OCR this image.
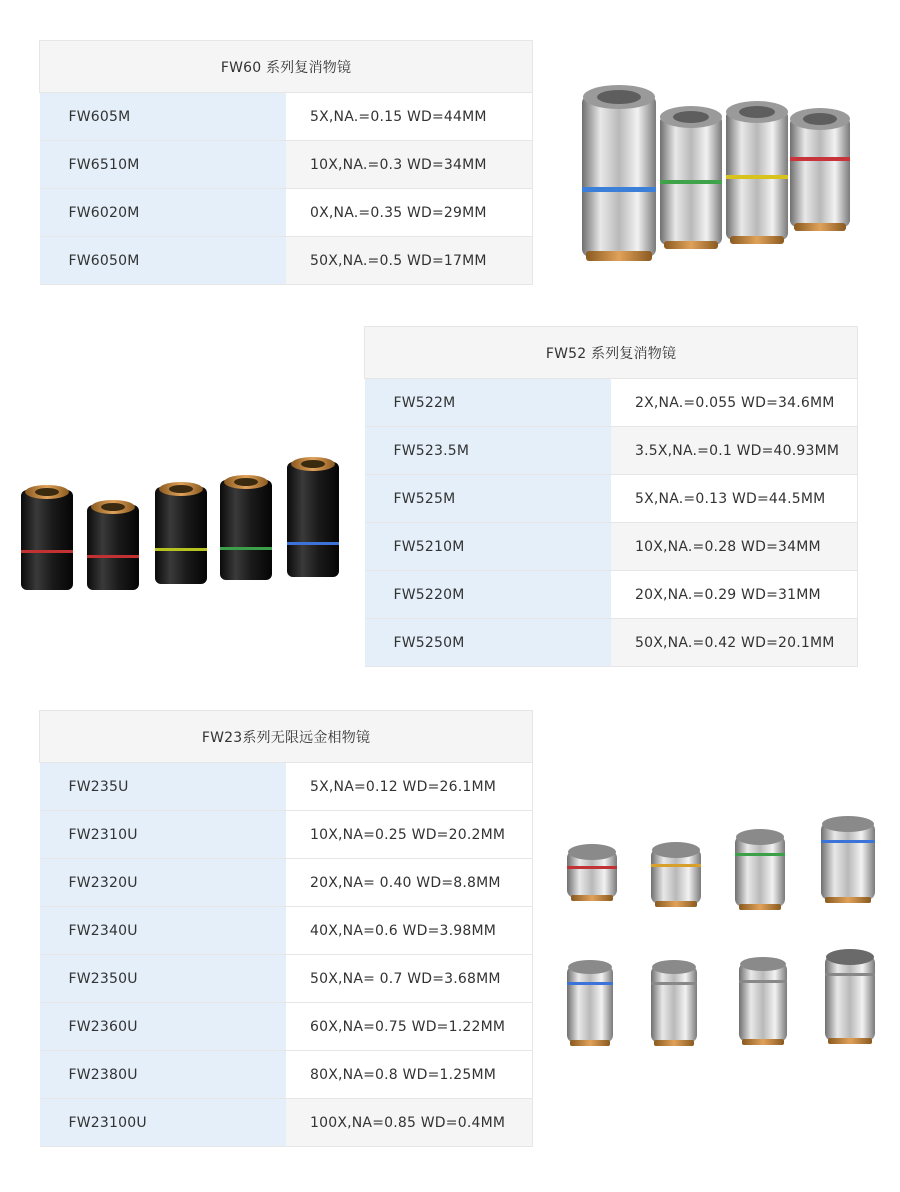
FW60 系列复消物镜	
FW605M	5X,NA.=0.15 WD=44MM
FW6510M	10X,NA.=0.3 WD=34MM
FW6020M	0X,NA.=0.35 WD=29MM
FW6050M	50X,NA.=0.5 WD=17MM
FW52 系列复消物镜	
FW522M	2X,NA.=0.055 WD=34.6MM
FW523.5M	3.5X,NA.=0.1 WD=40.93MM
FW525M	5X,NA.=0.13 WD=44.5MM
FW5210M	10X,NA.=0.28 WD=34MM
FW5220M	20X,NA.=0.29 WD=31MM
FW5250M	50X,NA.=0.42 WD=20.1MM
FW23系列无限远金相物镜	
FW235U	5X,NA=0.12 WD=26.1MM
FW2310U	10X,NA=0.25 WD=20.2MM
FW2320U	20X,NA= 0.40 WD=8.8MM
FW2340U	40X,NA=0.6 WD=3.98MM
FW2350U	50X,NA= 0.7 WD=3.68MM
FW2360U	60X,NA=0.75 WD=1.22MM
FW2380U	80X,NA=0.8 WD=1.25MM
FW23100U	100X,NA=0.85 WD=0.4MM
